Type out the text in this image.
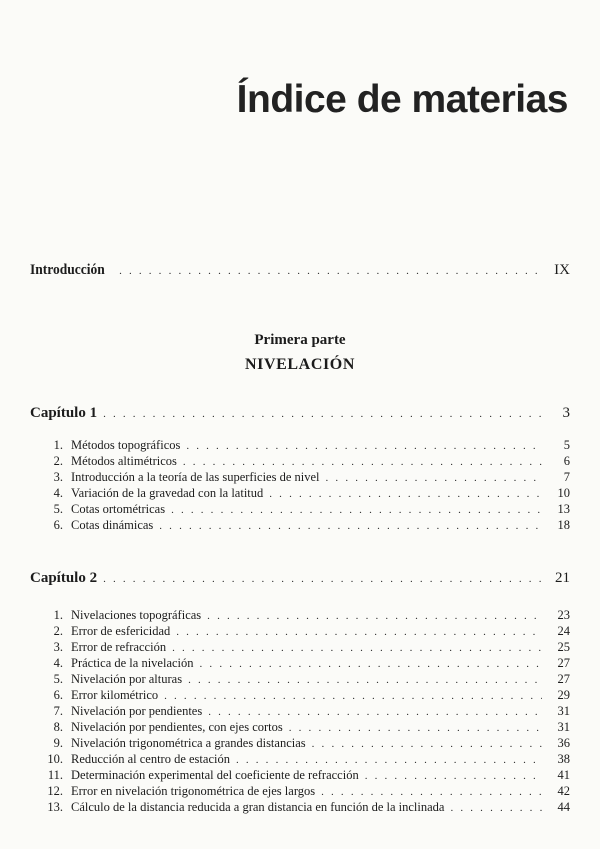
Índice de materias
Introducción . . .	IX
Primera parte
NIVELACIÓN
Capítulo 1 . . .	3
1. Métodos topográficos . . .	5
2. Métodos altimétricos . . .	6
3. Introducción a la teoría de las superficies de nivel . . .	7
4. Variación de la gravedad con la latitud . . .	10
5. Cotas ortométricas . . .	13
6. Cotas dinámicas . . .	18
Capítulo 2 . . .	21
1. Nivelaciones topográficas . . .	23
2. Error de esfericidad . . .	24
3. Error de refracción . . .	25
4. Práctica de la nivelación . . .	27
5. Nivelación por alturas . . .	27
6. Error kilométrico . . .	29
7. Nivelación por pendientes . . .	31
8. Nivelación por pendientes, con ejes cortos . . .	31
9. Nivelación trigonométrica a grandes distancias . . .	36
10. Reducción al centro de estación . . .	38
11. Determinación experimental del coeficiente de refracción . . .	41
12. Error en nivelación trigonométrica de ejes largos . . .	42
13. Cálculo de la distancia reducida a gran distancia en función de la inclinada . . .	44
